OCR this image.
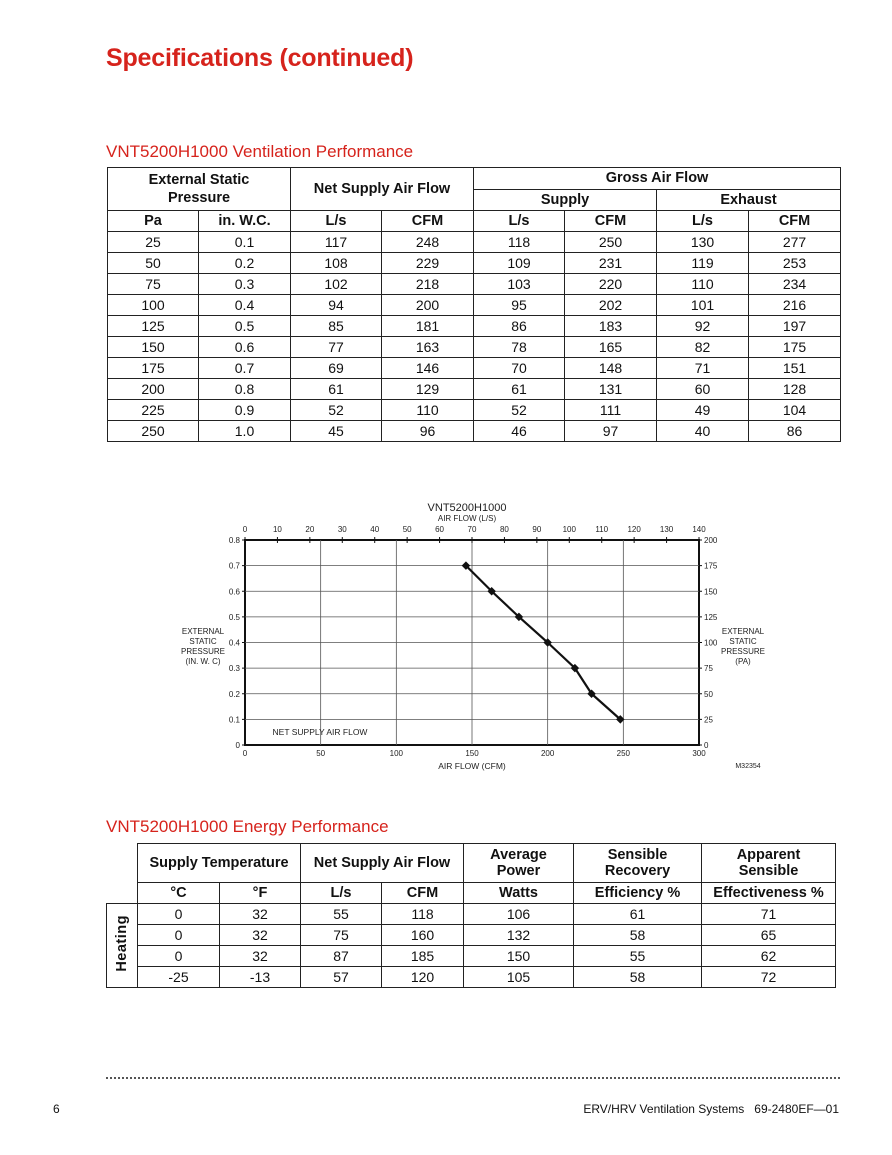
Specifications (continued)
VNT5200H1000 Ventilation Performance
External Static Pressure		Net Supply Air Flow		Gross Air Flow			
				Supply		Exhaust	
Pa	in. W.C.	L/s	CFM	L/s	CFM	L/s	CFM
25	0.1	117	248	118	250	130	277
50	0.2	108	229	109	231	119	253
75	0.3	102	218	103	220	110	234
100	0.4	94	200	95	202	101	216
125	0.5	85	181	86	183	92	197
150	0.6	77	163	78	165	82	175
175	0.7	69	146	70	148	71	151
200	0.8	61	129	61	131	60	128
225	0.9	52	110	52	111	49	104
250	1.0	45	96	46	97	40	86
VNT5200H1000
AIR FLOW (L/S)
0	50	100	150	200	250	300
0
0.1
0.2
0.3
0.4
0.5
0.6
0.7
0.8
0
25
50
75
100
125
150
175
200
0	10	20	30	40	50	60	70	80	90	100 110 120 130 140
EXTERNAL
STATIC
PRESSURE
(IN. W. C)
EXTERNAL
STATIC
PRESSURE
(PA)
NET SUPPLY AIR FLOW
AIR FLOW (CFM)	M32354
VNT5200H1000 Energy Performance
	Supply Temperature		Net Supply Air Flow		Average Power	Sensible Recovery	Apparent Sensible
	°C	°F	L/s	CFM	Watts	Efficiency %	Effectiveness %
Heating	0	32	55	118	106	61	71
	0	32	75	160	132	58	65
	0	32	87	185	150	55	62
	-25	-13	57	120	105	58	72
6	ERV/HRV Ventilation Systems   69-2480EF—01
